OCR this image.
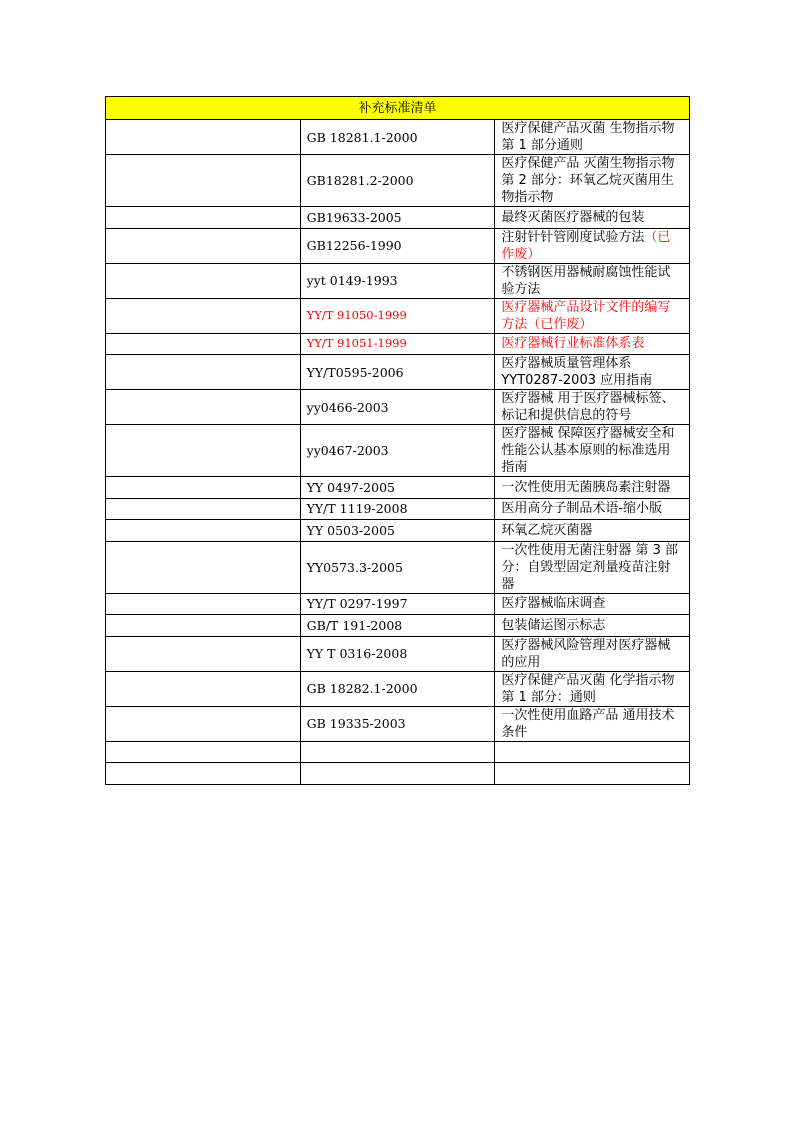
补充标准清单		
	GB 18281.1-2000	医疗保健产品灭菌 生物指示物 第 1 部分通则
	GB18281.2-2000	医疗保健产品 灭菌生物指示物 第 2 部分：环氧乙烷灭菌用生物指示物
	GB19633-2005	最终灭菌医疗器械的包装
	GB12256-1990	注射针针管刚度试验方法（已作废）
	yyt 0149-1993	不锈钢医用器械耐腐蚀性能试验方法
	YY/T 91050-1999	医疗器械产品设计文件的编写方法（已作废）
	YY/T 91051-1999	医疗器械行业标准体系表
	YY/T0595-2006	医疗器械质量管理体系 YYT0287-2003 应用指南
	yy0466-2003	医疗器械 用于医疗器械标签、标记和提供信息的符号
	yy0467-2003	医疗器械 保障医疗器械安全和性能公认基本原则的标准选用指南
	YY 0497-2005	一次性使用无菌胰岛素注射器
	YY/T 1119-2008	医用高分子制品术语-缩小版
	YY 0503-2005	环氧乙烷灭菌器
	YY0573.3-2005	一次性使用无菌注射器 第 3 部分：自毁型固定剂量疫苗注射器
	YY/T 0297-1997	医疗器械临床调查
	GB/T 191-2008	包装储运图示标志
	YY T 0316-2008	医疗器械风险管理对医疗器械的应用
	GB 18282.1-2000	医疗保健产品灭菌 化学指示物 第 1 部分：通则
	GB 19335-2003	一次性使用血路产品 通用技术条件
